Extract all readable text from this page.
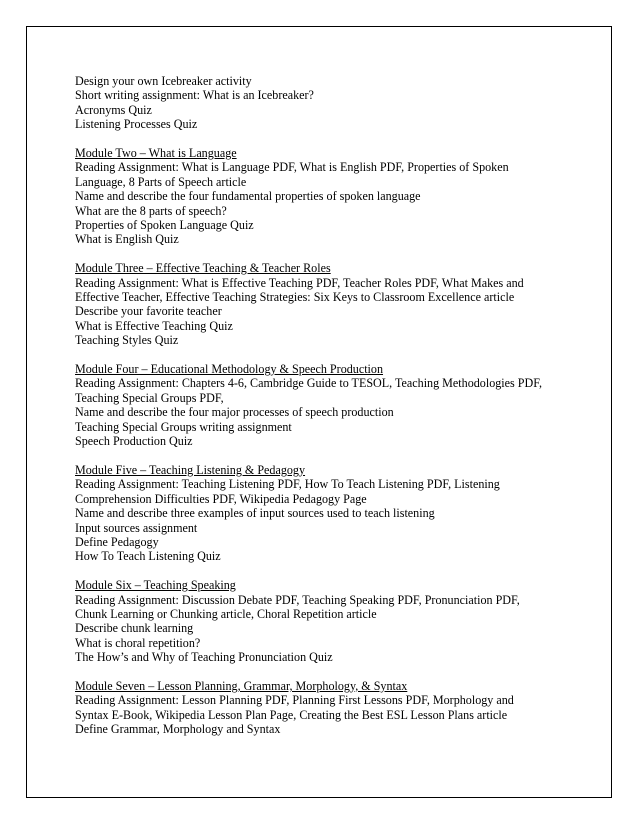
Design your own Icebreaker activity
Short writing assignment: What is an Icebreaker?
Acronyms Quiz
Listening Processes Quiz
Module Two – What is Language
Reading Assignment: What is Language PDF, What is English PDF, Properties of Spoken
Language, 8 Parts of Speech article
Name and describe the four fundamental properties of spoken language
What are the 8 parts of speech?
Properties of Spoken Language Quiz
What is English Quiz
Module Three – Effective Teaching & Teacher Roles
Reading Assignment: What is Effective Teaching PDF, Teacher Roles PDF, What Makes and
Effective Teacher, Effective Teaching Strategies: Six Keys to Classroom Excellence article
Describe your favorite teacher
What is Effective Teaching Quiz
Teaching Styles Quiz
Module Four – Educational Methodology & Speech Production
Reading Assignment: Chapters 4-6, Cambridge Guide to TESOL, Teaching Methodologies PDF,
Teaching Special Groups PDF,
Name and describe the four major processes of speech production
Teaching Special Groups writing assignment
Speech Production Quiz
Module Five – Teaching Listening & Pedagogy
Reading Assignment: Teaching Listening PDF, How To Teach Listening PDF, Listening
Comprehension Difficulties PDF, Wikipedia Pedagogy Page
Name and describe three examples of input sources used to teach listening
Input sources assignment
Define Pedagogy
How To Teach Listening Quiz
Module Six – Teaching Speaking
Reading Assignment: Discussion Debate PDF, Teaching Speaking PDF, Pronunciation PDF,
Chunk Learning or Chunking article, Choral Repetition article
Describe chunk learning
What is choral repetition?
The How’s and Why of Teaching Pronunciation Quiz
Module Seven – Lesson Planning, Grammar, Morphology, & Syntax
Reading Assignment: Lesson Planning PDF, Planning First Lessons PDF, Morphology and
Syntax E-Book, Wikipedia Lesson Plan Page, Creating the Best ESL Lesson Plans article
Define Grammar, Morphology and Syntax
